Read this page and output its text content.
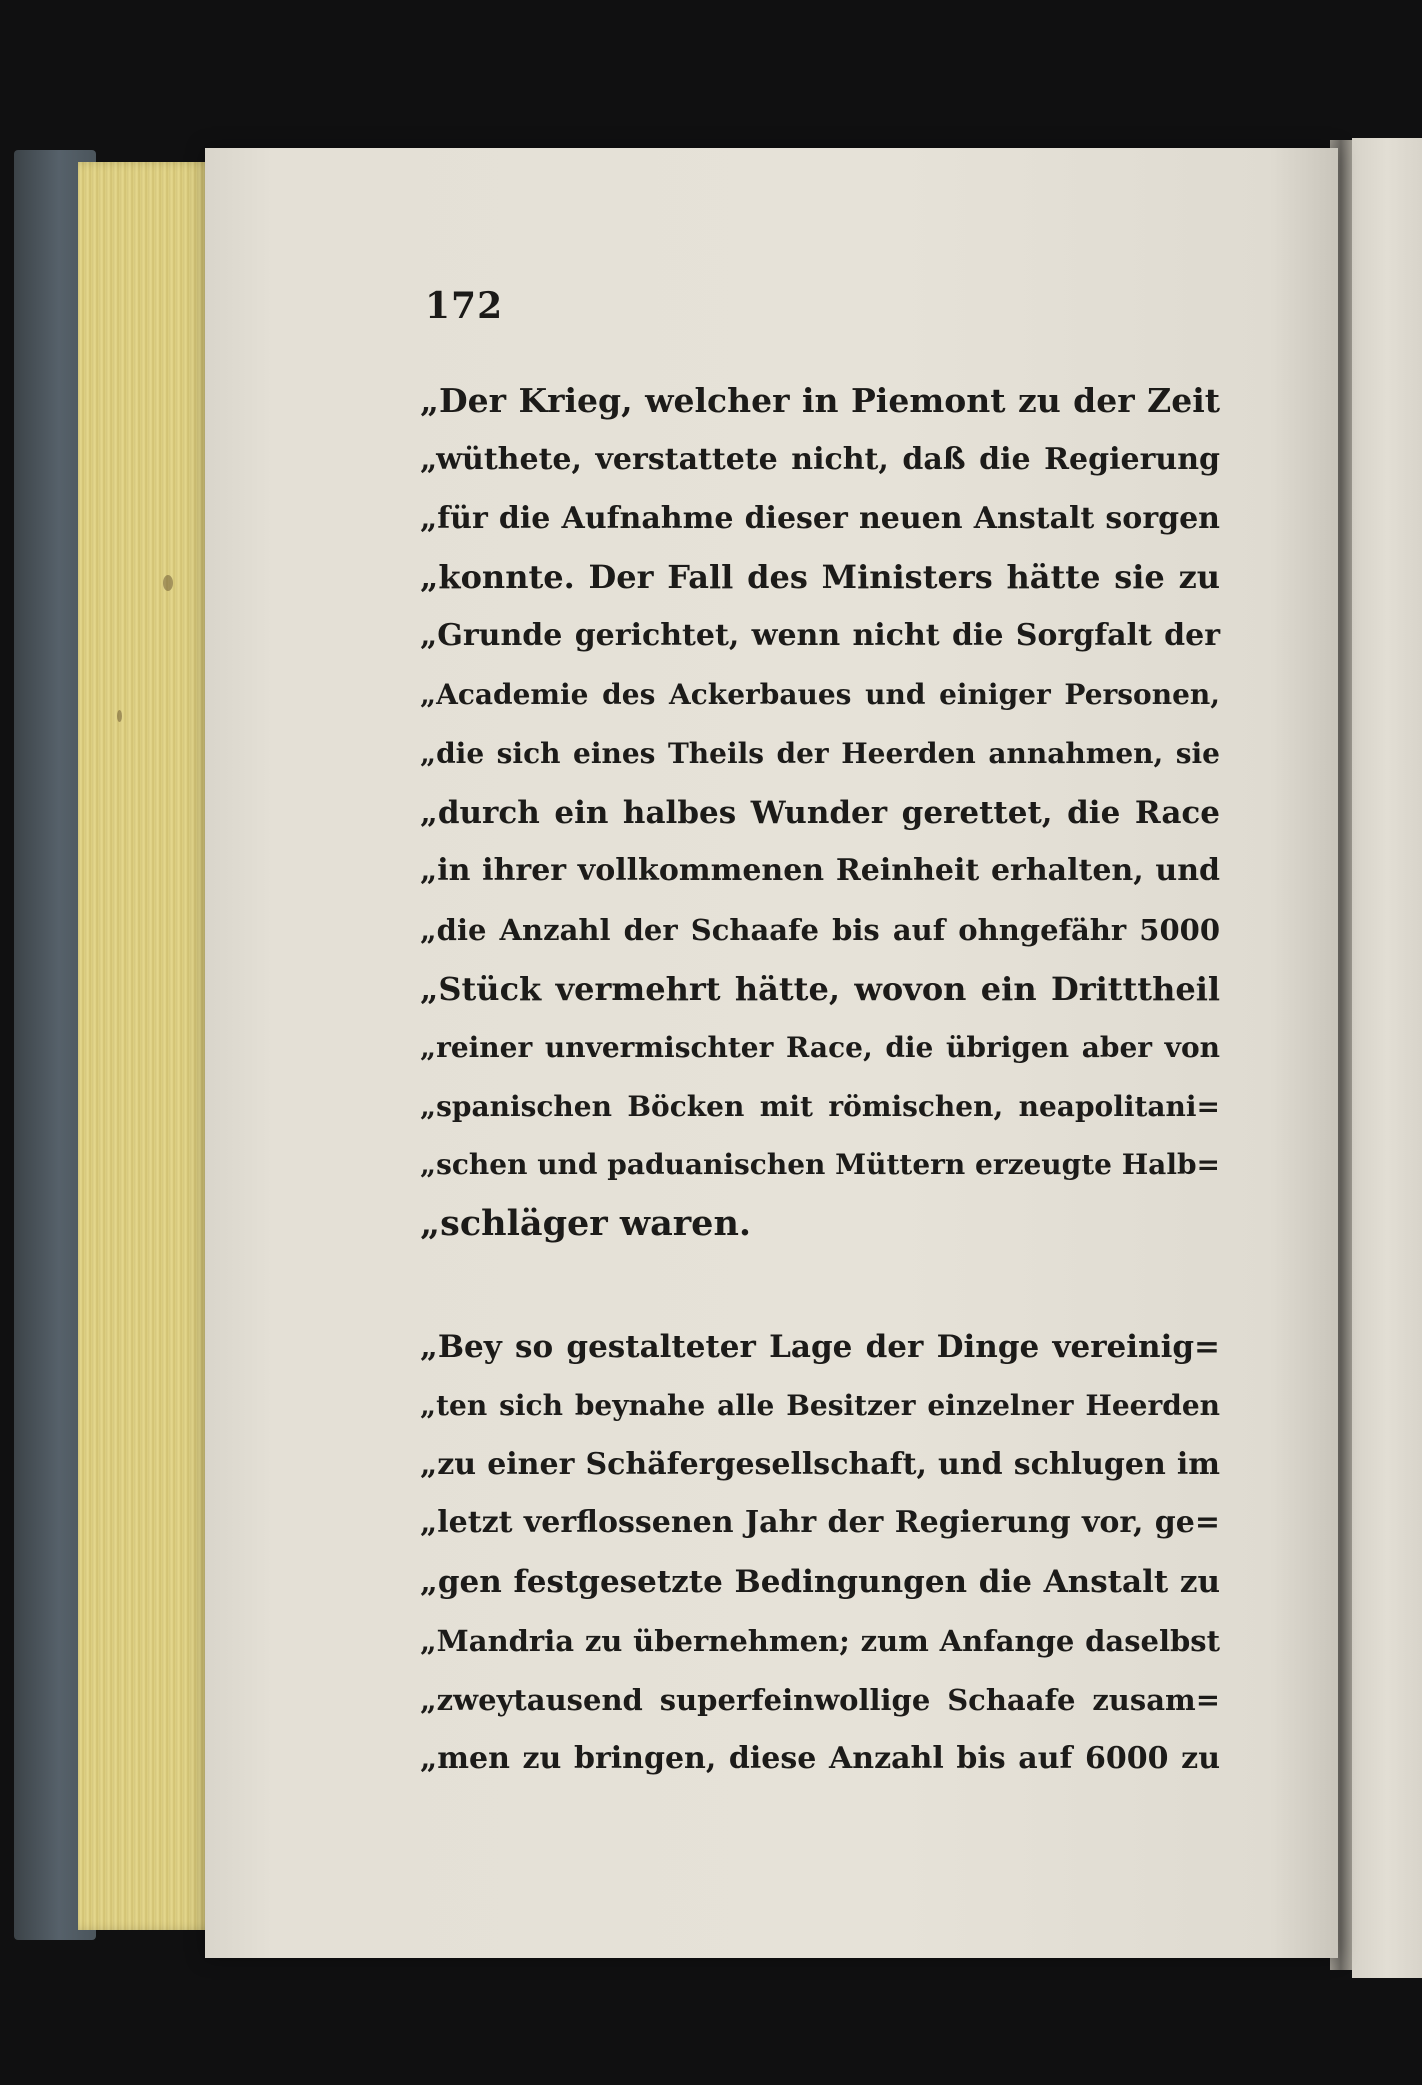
172
„Der Krieg, welcher in Piemont zu der Zeit
„wüthete, verstattete nicht, daß die Regierung
„für die Aufnahme dieser neuen Anstalt sorgen
„konnte. Der Fall des Ministers hätte sie zu
„Grunde gerichtet, wenn nicht die Sorgfalt der
„Academie des Ackerbaues und einiger Personen,
„die sich eines Theils der Heerden annahmen, sie
„durch ein halbes Wunder gerettet, die Race
„in ihrer vollkommenen Reinheit erhalten, und
„die Anzahl der Schaafe bis auf ohngefähr 5000
„Stück vermehrt hätte, wovon ein Dritttheil
„reiner unvermischter Race, die übrigen aber von
„spanischen Böcken mit römischen, neapolitani=
„schen und paduanischen Müttern erzeugte Halb=
„schläger waren.
„Bey so gestalteter Lage der Dinge vereinig=
„ten sich beynahe alle Besitzer einzelner Heerden
„zu einer Schäfergesellschaft, und schlugen im
„letzt verflossenen Jahr der Regierung vor, ge=
„gen festgesetzte Bedingungen die Anstalt zu
„Mandria zu übernehmen; zum Anfange daselbst
„zweytausend superfeinwollige Schaafe zusam=
„men zu bringen, diese Anzahl bis auf 6000 zu
